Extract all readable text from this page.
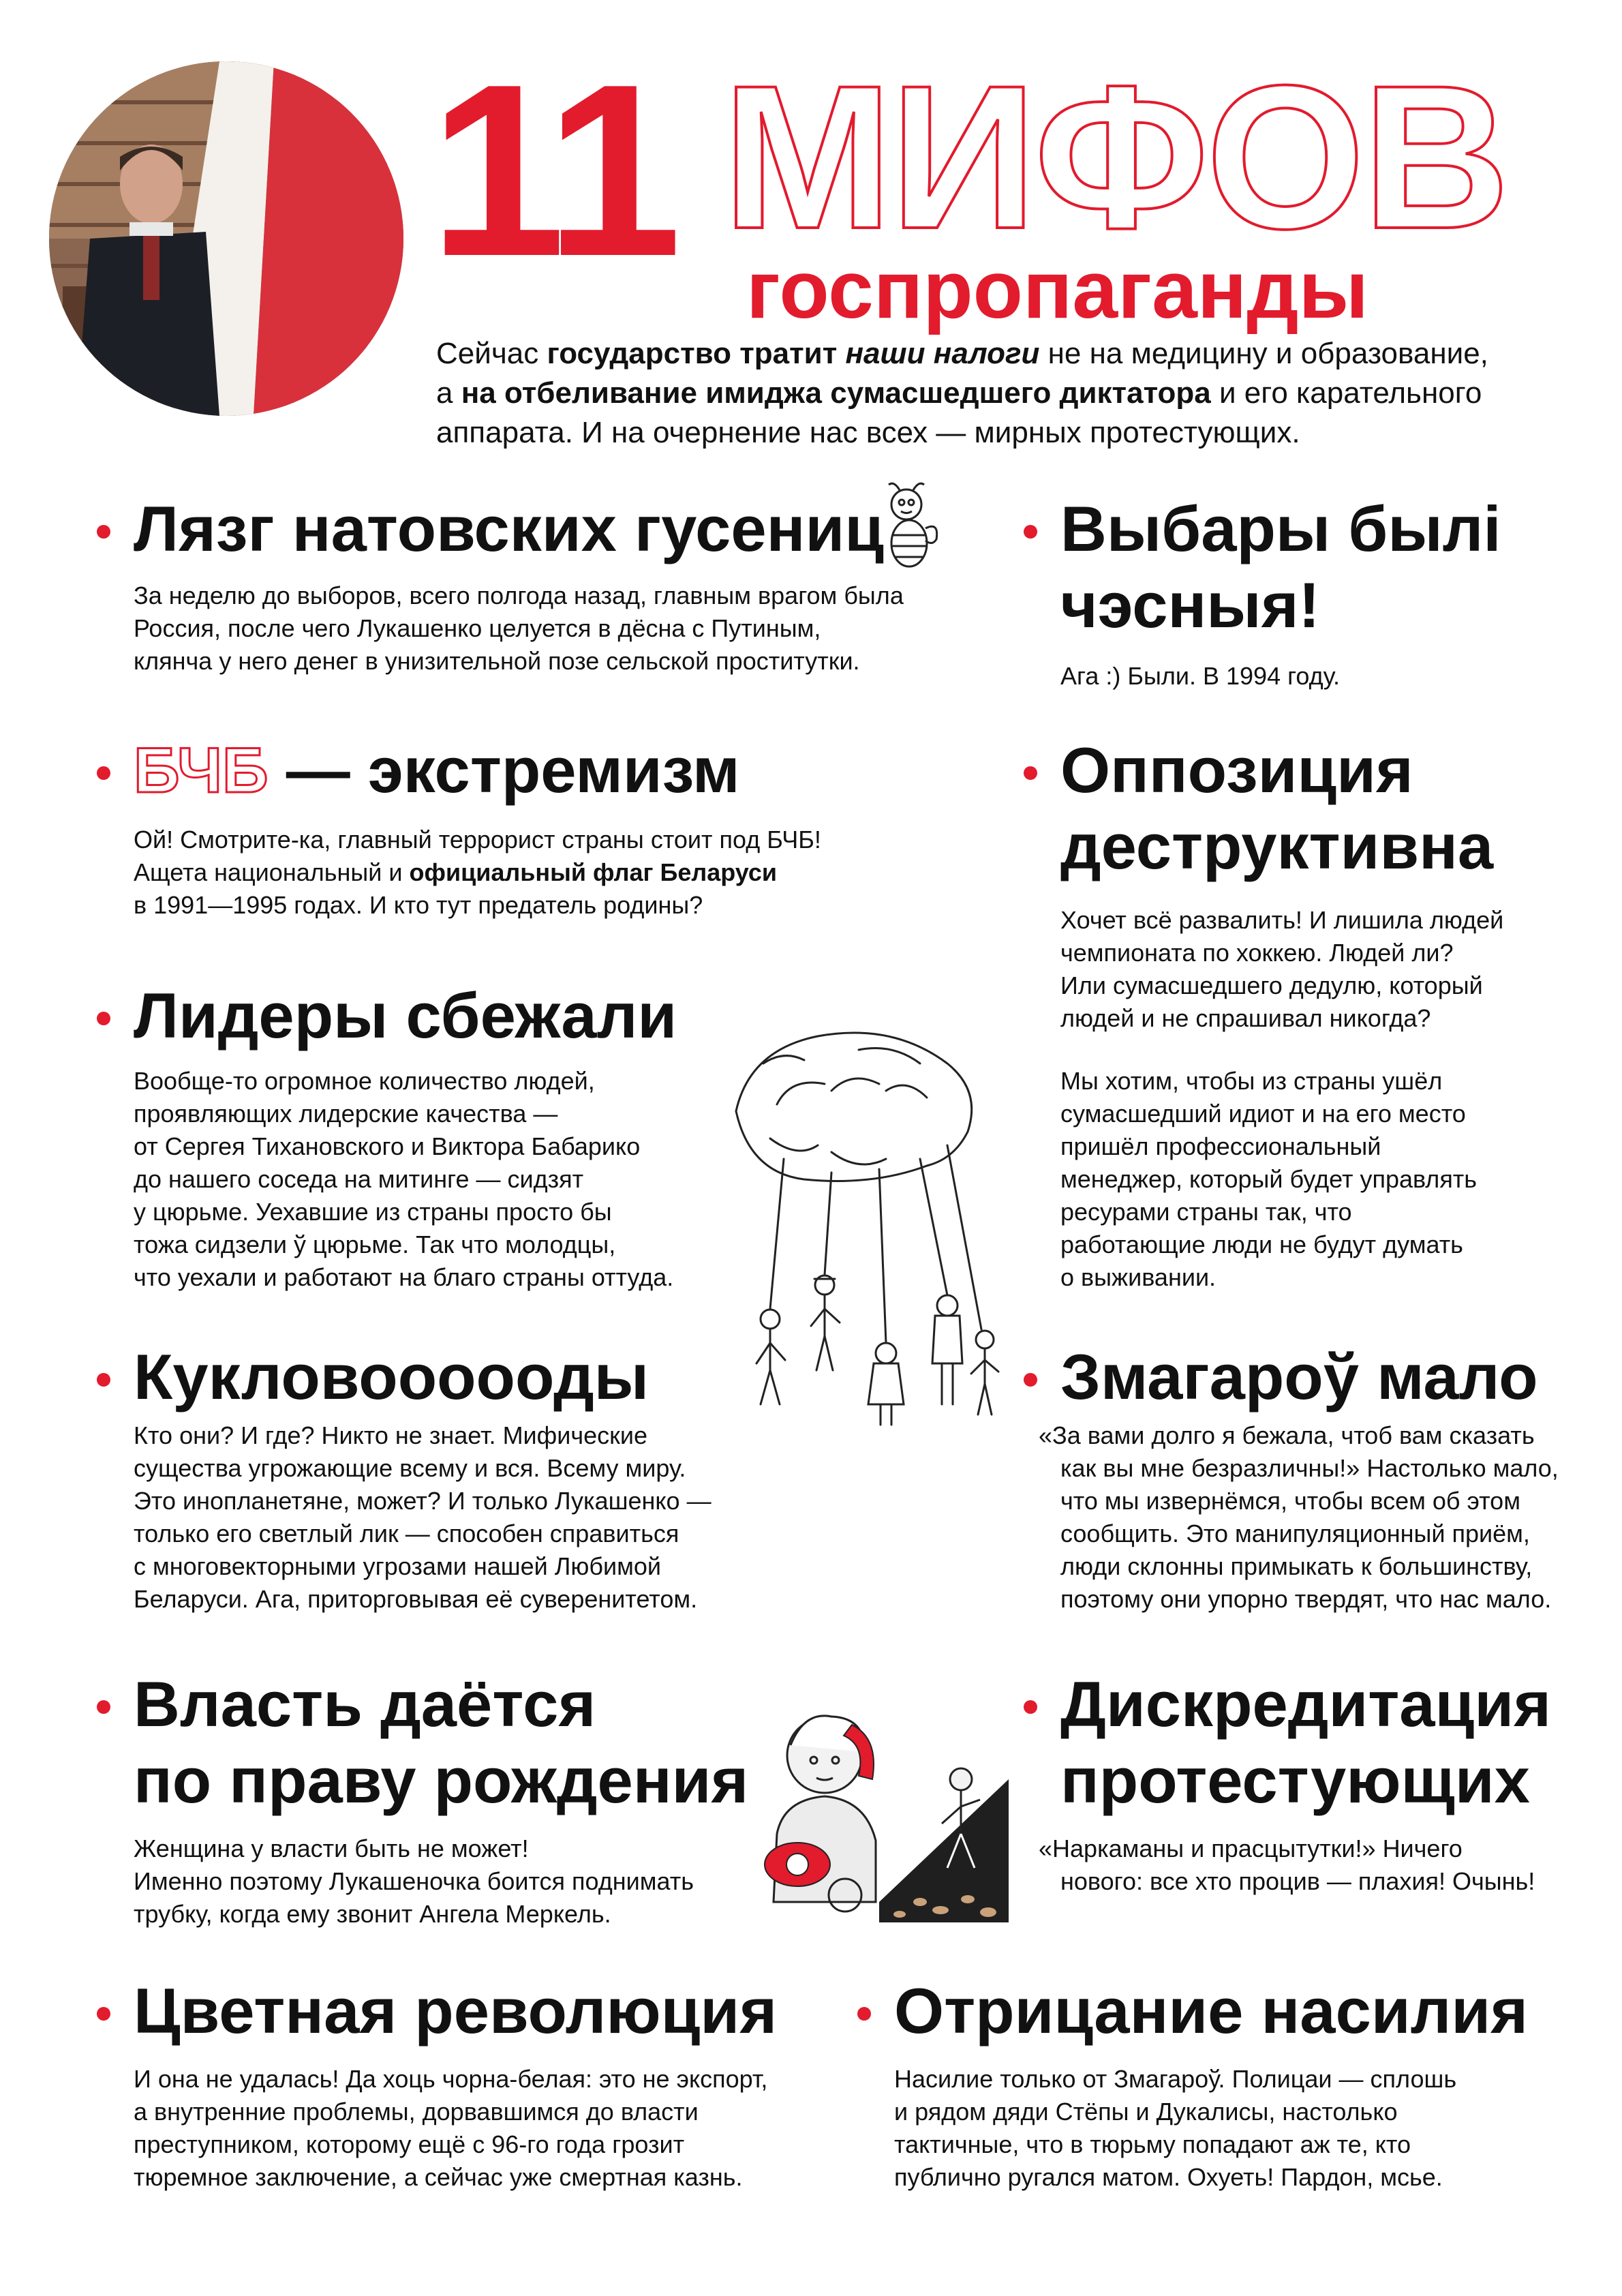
11 МИФОВ
госпропаганды
Сейчас государство тратит наши налоги не на медицину и образование,
а на отбеливание имиджа сумасшедшего диктатора и его карательного
аппарата. И на очернение нас всех — мирных протестующих.
Лязг натовских гусениц
За неделю до выборов, всего полгода назад, главным врагом была
Россия, после чего Лукашенко целуется в дёсна с Путиным,
клянча у него денег в унизительной позе сельской проститутки.
БЧБ — экстремизм
Ой! Смотрите-ка, главный террорист страны стоит под БЧБ!
Ащета национальный и официальный флаг Беларуси
в 1991—1995 годах. И кто тут предатель родины?
Лидеры сбежали
Вообще-то огромное количество людей,
проявляющих лидерские качества —
от Сергея Тихановского и Виктора Бабарико
до нашего соседа на митинге — сидзят
у цюрьме. Уехавшие из страны просто бы
тожа сидзели ў цюрьме. Так что молодцы,
что уехали и работают на благо страны оттуда.
Кукловоооооды
Кто они? И где? Никто не знает. Мифические
существа угрожающие всему и вся. Всему миру.
Это инопланетяне, может? И только Лукашенко —
только его светлый лик — способен справиться
с многовекторными угрозами нашей Любимой
Беларуси. Ага, приторговывая её суверенитетом.
Власть даётся
по праву рождения
Женщина у власти быть не может!
Именно поэтому Лукашеночка боится поднимать
трубку, когда ему звонит Ангела Меркель.
Цветная революция
И она не удалась! Да хоць чорна-белая: это не экспорт,
а внутренние проблемы, дорвавшимся до власти
преступником, которому ещё с 96-го года грозит
тюремное заключение, а сейчас уже смертная казнь.
Выбары былі
чэсныя!
Ага :) Были. В 1994 году.
Оппозиция
деструктивна
Хочет всё развалить! И лишила людей
чемпионата по хоккею. Людей ли?
Или сумасшедшего дедулю, который
людей и не спрашивал никогда?
Мы хотим, чтобы из страны ушёл
сумасшедший идиот и на его место
пришёл профессиональный
менеджер, который будет управлять
ресурами страны так, что
работающие люди не будут думать
о выживании.
Змагароў мало
«За вами долго я бежала, чтоб вам сказать
как вы мне безразличны!» Настолько мало,
что мы извернёмся, чтобы всем об этом
сообщить. Это манипуляционный приём,
люди склонны примыкать к большинству,
поэтому они упорно твердят, что нас мало.
Дискредитация
протестующих
«Наркаманы и прасцытутки!» Ничего
нового: все хто процив — плахия! Очынь!
Отрицание насилия
Насилие только от Змагароў. Полицаи — сплошь
и рядом дяди Стёпы и Дукалисы, настолько
тактичные, что в тюрьму попадают аж те, кто
публично ругался матом. Охуеть! Пардон, мсье.
